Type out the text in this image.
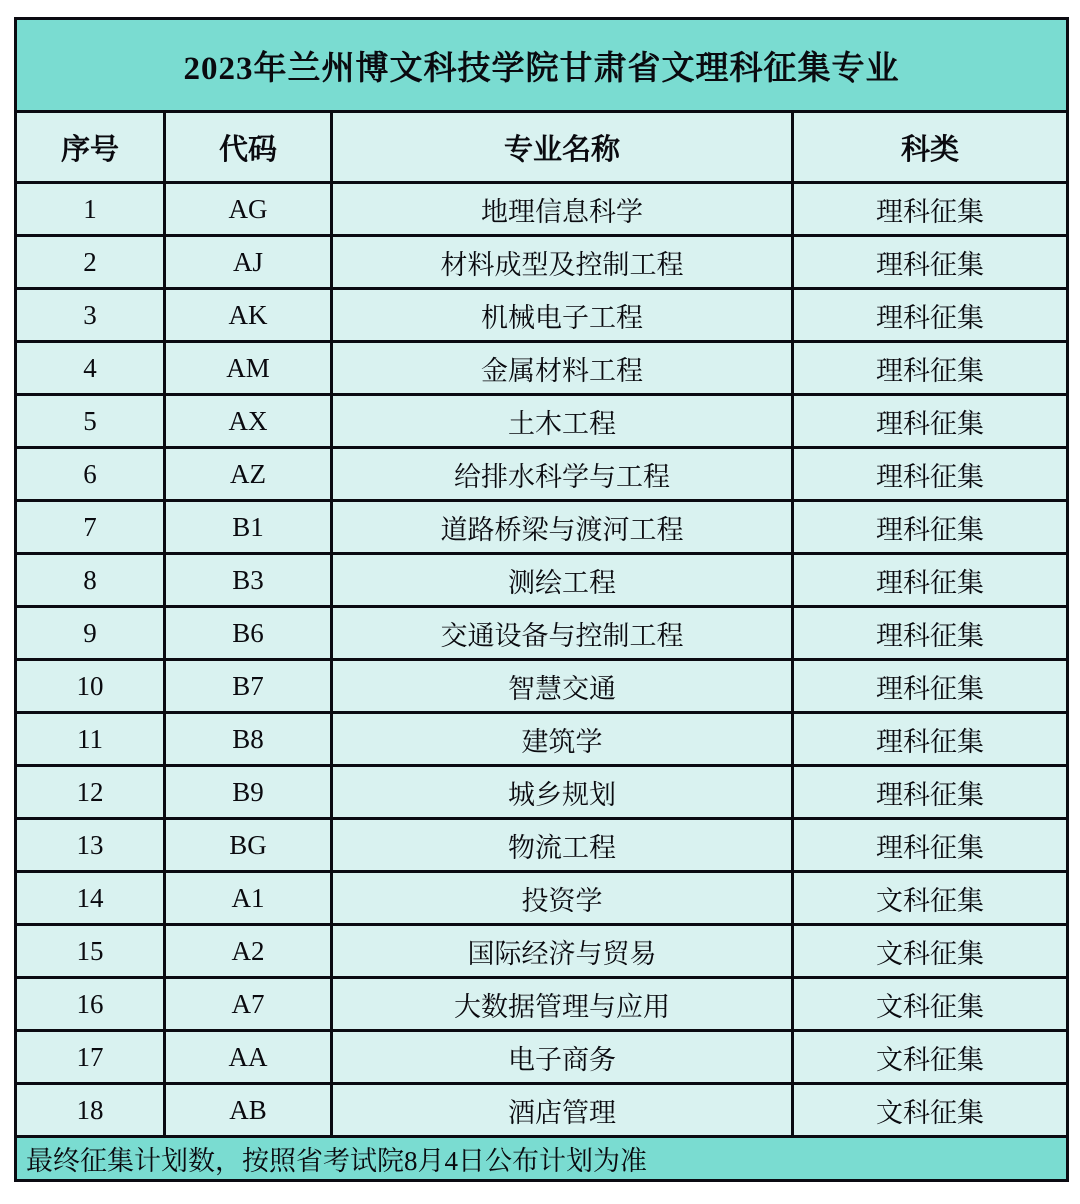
2023年兰州博文科技学院甘肃省文理科征集专业			
序号	代码	专业名称	科类
1	AG	地理信息科学	理科征集
2	AJ	材料成型及控制工程	理科征集
3	AK	机械电子工程	理科征集
4	AM	金属材料工程	理科征集
5	AX	土木工程	理科征集
6	AZ	给排水科学与工程	理科征集
7	B1	道路桥梁与渡河工程	理科征集
8	B3	测绘工程	理科征集
9	B6	交通设备与控制工程	理科征集
10	B7	智慧交通	理科征集
11	B8	建筑学	理科征集
12	B9	城乡规划	理科征集
13	BG	物流工程	理科征集
14	A1	投资学	文科征集
15	A2	国际经济与贸易	文科征集
16	A7	大数据管理与应用	文科征集
17	AA	电子商务	文科征集
18	AB	酒店管理	文科征集
最终征集计划数，按照省考试院8月4日公布计划为准			
